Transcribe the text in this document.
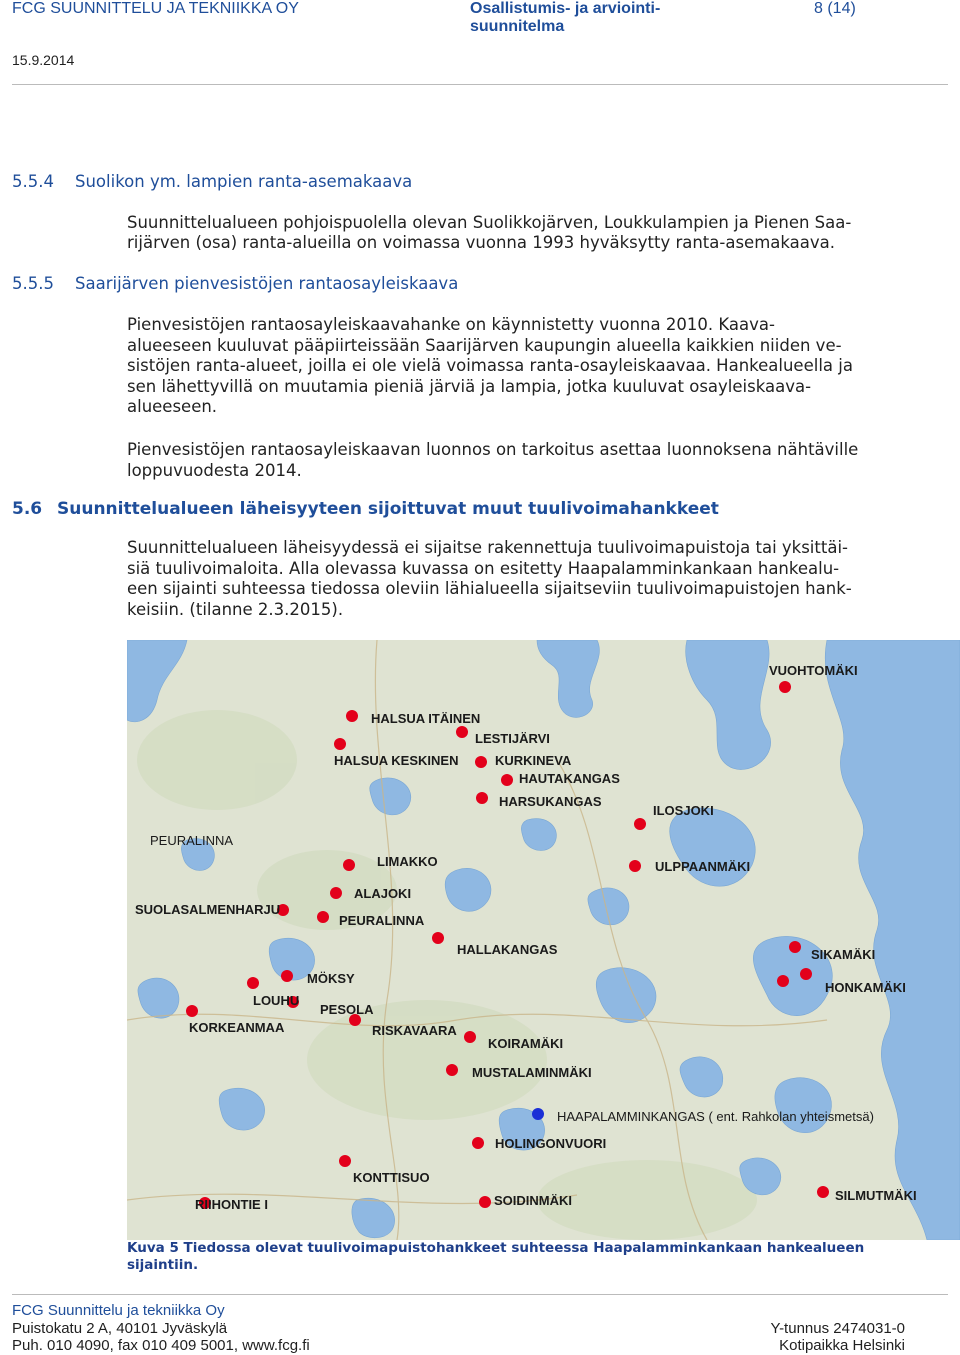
FCG SUUNNITTELU JA TEKNIIKKA OY	Osallistumis- ja arviointi-
suunnitelma
8 (14)
15.9.2014
5.5.4 Suolikon ym. lampien ranta-asemakaava
Suunnittelualueen pohjoispuolella olevan Suolikkojärven, Loukkulampien ja Pienen Saa-
rijärven (osa) ranta-alueilla on voimassa vuonna 1993 hyväksytty ranta-asemakaava.
5.5.5 Saarijärven pienvesistöjen rantaosayleiskaava
Pienvesistöjen rantaosayleiskaavahanke on käynnistetty vuonna 2010. Kaava-
alueeseen kuuluvat pääpiirteissään Saarijärven kaupungin alueella kaikkien niiden ve-
sistöjen ranta-alueet, joilla ei ole vielä voimassa ranta-osayleiskaavaa. Hankealueella ja
sen lähettyvillä on muutamia pieniä järviä ja lampia, jotka kuuluvat osayleiskaava-
alueeseen.
Pienvesistöjen rantaosayleiskaavan luonnos on tarkoitus asettaa luonnoksena nähtäville
loppuvuodesta 2014.
5.6 Suunnittelualueen läheisyyteen sijoittuvat muut tuulivoimahankkeet
Suunnittelualueen läheisyydessä ei sijaitse rakennettuja tuulivoimapuistoja tai yksittäi-
siä tuulivoimaloita. Alla olevassa kuvassa on esitetty Haapalamminkankaan hankealu-
een sijainti suhteessa tiedossa oleviin lähialueella sijaitseviin tuulivoimapuistojen hank-
keisiin. (tilanne 2.3.2015).
VUOHTOMÄKI
HALSUA ITÄINEN
LESTIJÄRVI
HALSUA KESKINEN	KURKINEVA
HAUTAKANGAS
HARSUKANGAS
ILOSJOKI
PEURALINNA
LIMAKKO	ULPPAANMÄKI
ALAJOKI
SUOLASALMENHARJU
PEURALINNA
HALLAKANGAS	SIKAMÄKI
MÖKSY
HONKAMÄKI
LOUHU
PESOLA
KORKEANMAA	RISKAVAARA
KOIRAMÄKI
MUSTALAMINMÄKI
HAAPALAMMINKANGAS ( ent. Rahkolan yhteismetsä)
HOLINGONVUORI
KONTTISUO
RIIHONTIE I	SOIDINMÄKI	SILMUTMÄKI
Kuva 5 Tiedossa olevat tuulivoimapuistohankkeet suhteessa Haapalamminkankaan hankealueen sijaintiin.
FCG Suunnittelu ja tekniikka Oy
Puistokatu 2 A, 40101 Jyväskylä
Puh. 010 4090, fax 010 409 5001, www.fcg.fi
Y-tunnus 2474031-0
Kotipaikka Helsinki
